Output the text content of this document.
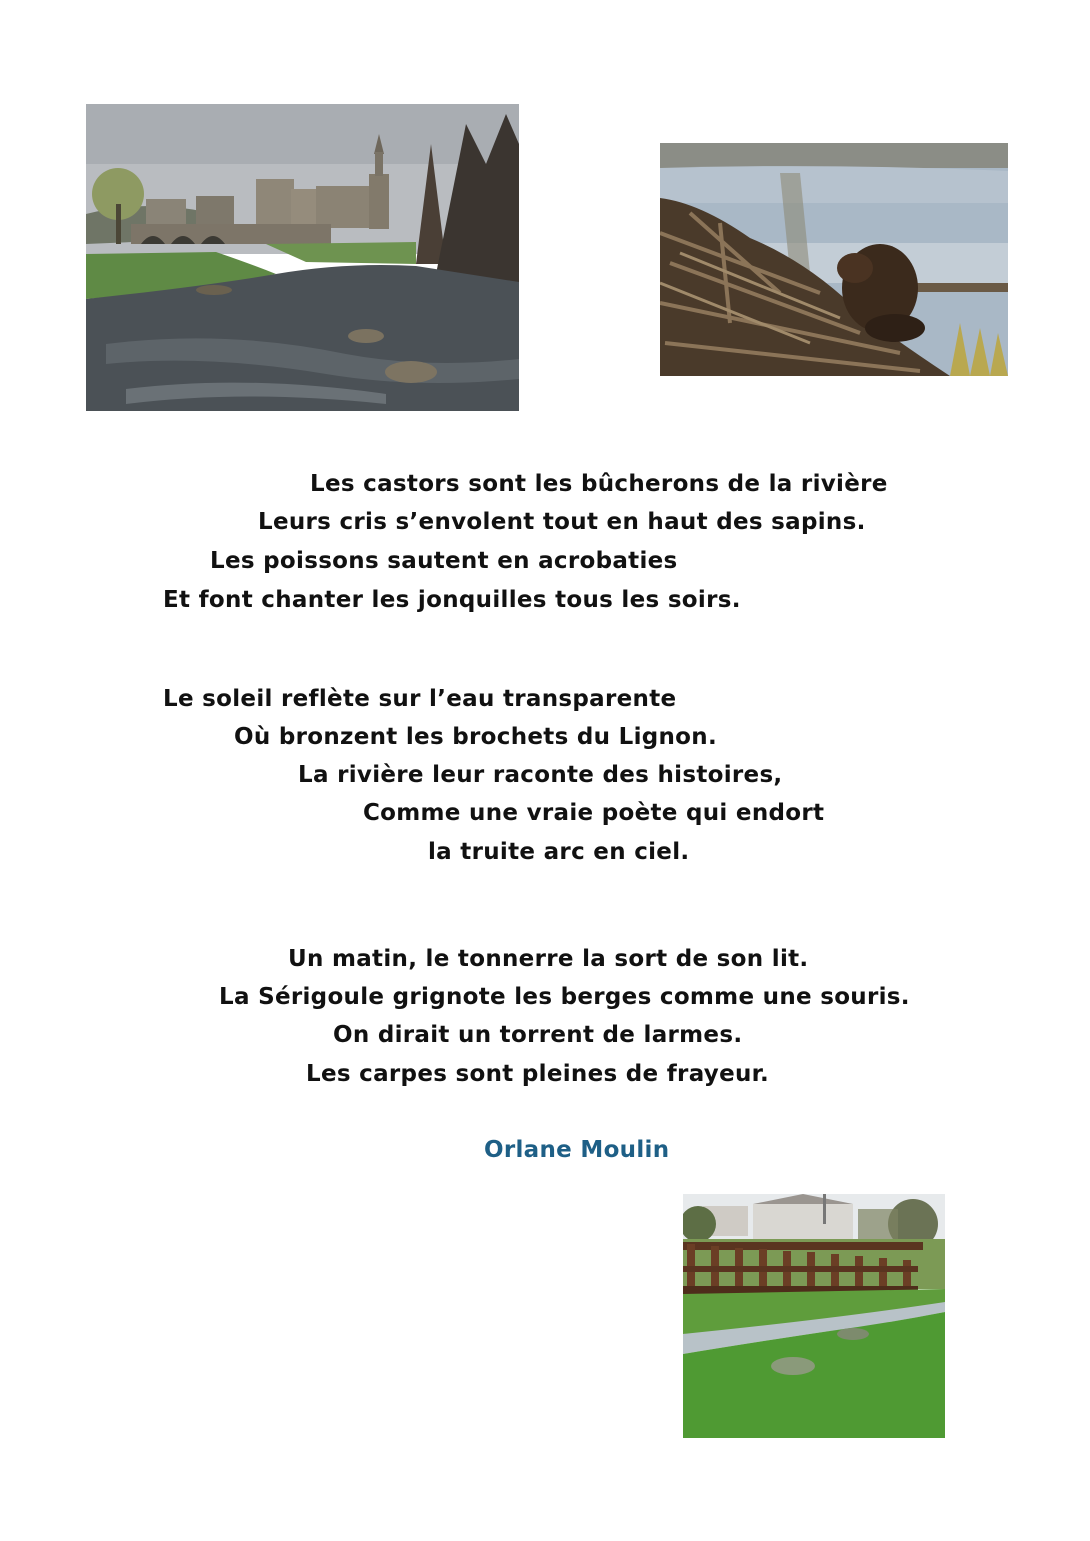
Les castors sont les bûcherons de la rivière
Leurs cris s’envolent tout en haut des sapins.
Les poissons sautent en acrobaties
Et font chanter les jonquilles tous les soirs.
Le soleil reflète sur l’eau transparente
Où bronzent les brochets du Lignon.
La rivière leur raconte des histoires,
Comme une vraie poète qui endort
la truite arc en ciel.
Un matin, le tonnerre la sort de son lit.
La Sérigoule grignote les berges comme une souris.
On dirait un torrent de larmes.
Les carpes sont pleines de frayeur.
Orlane Moulin
